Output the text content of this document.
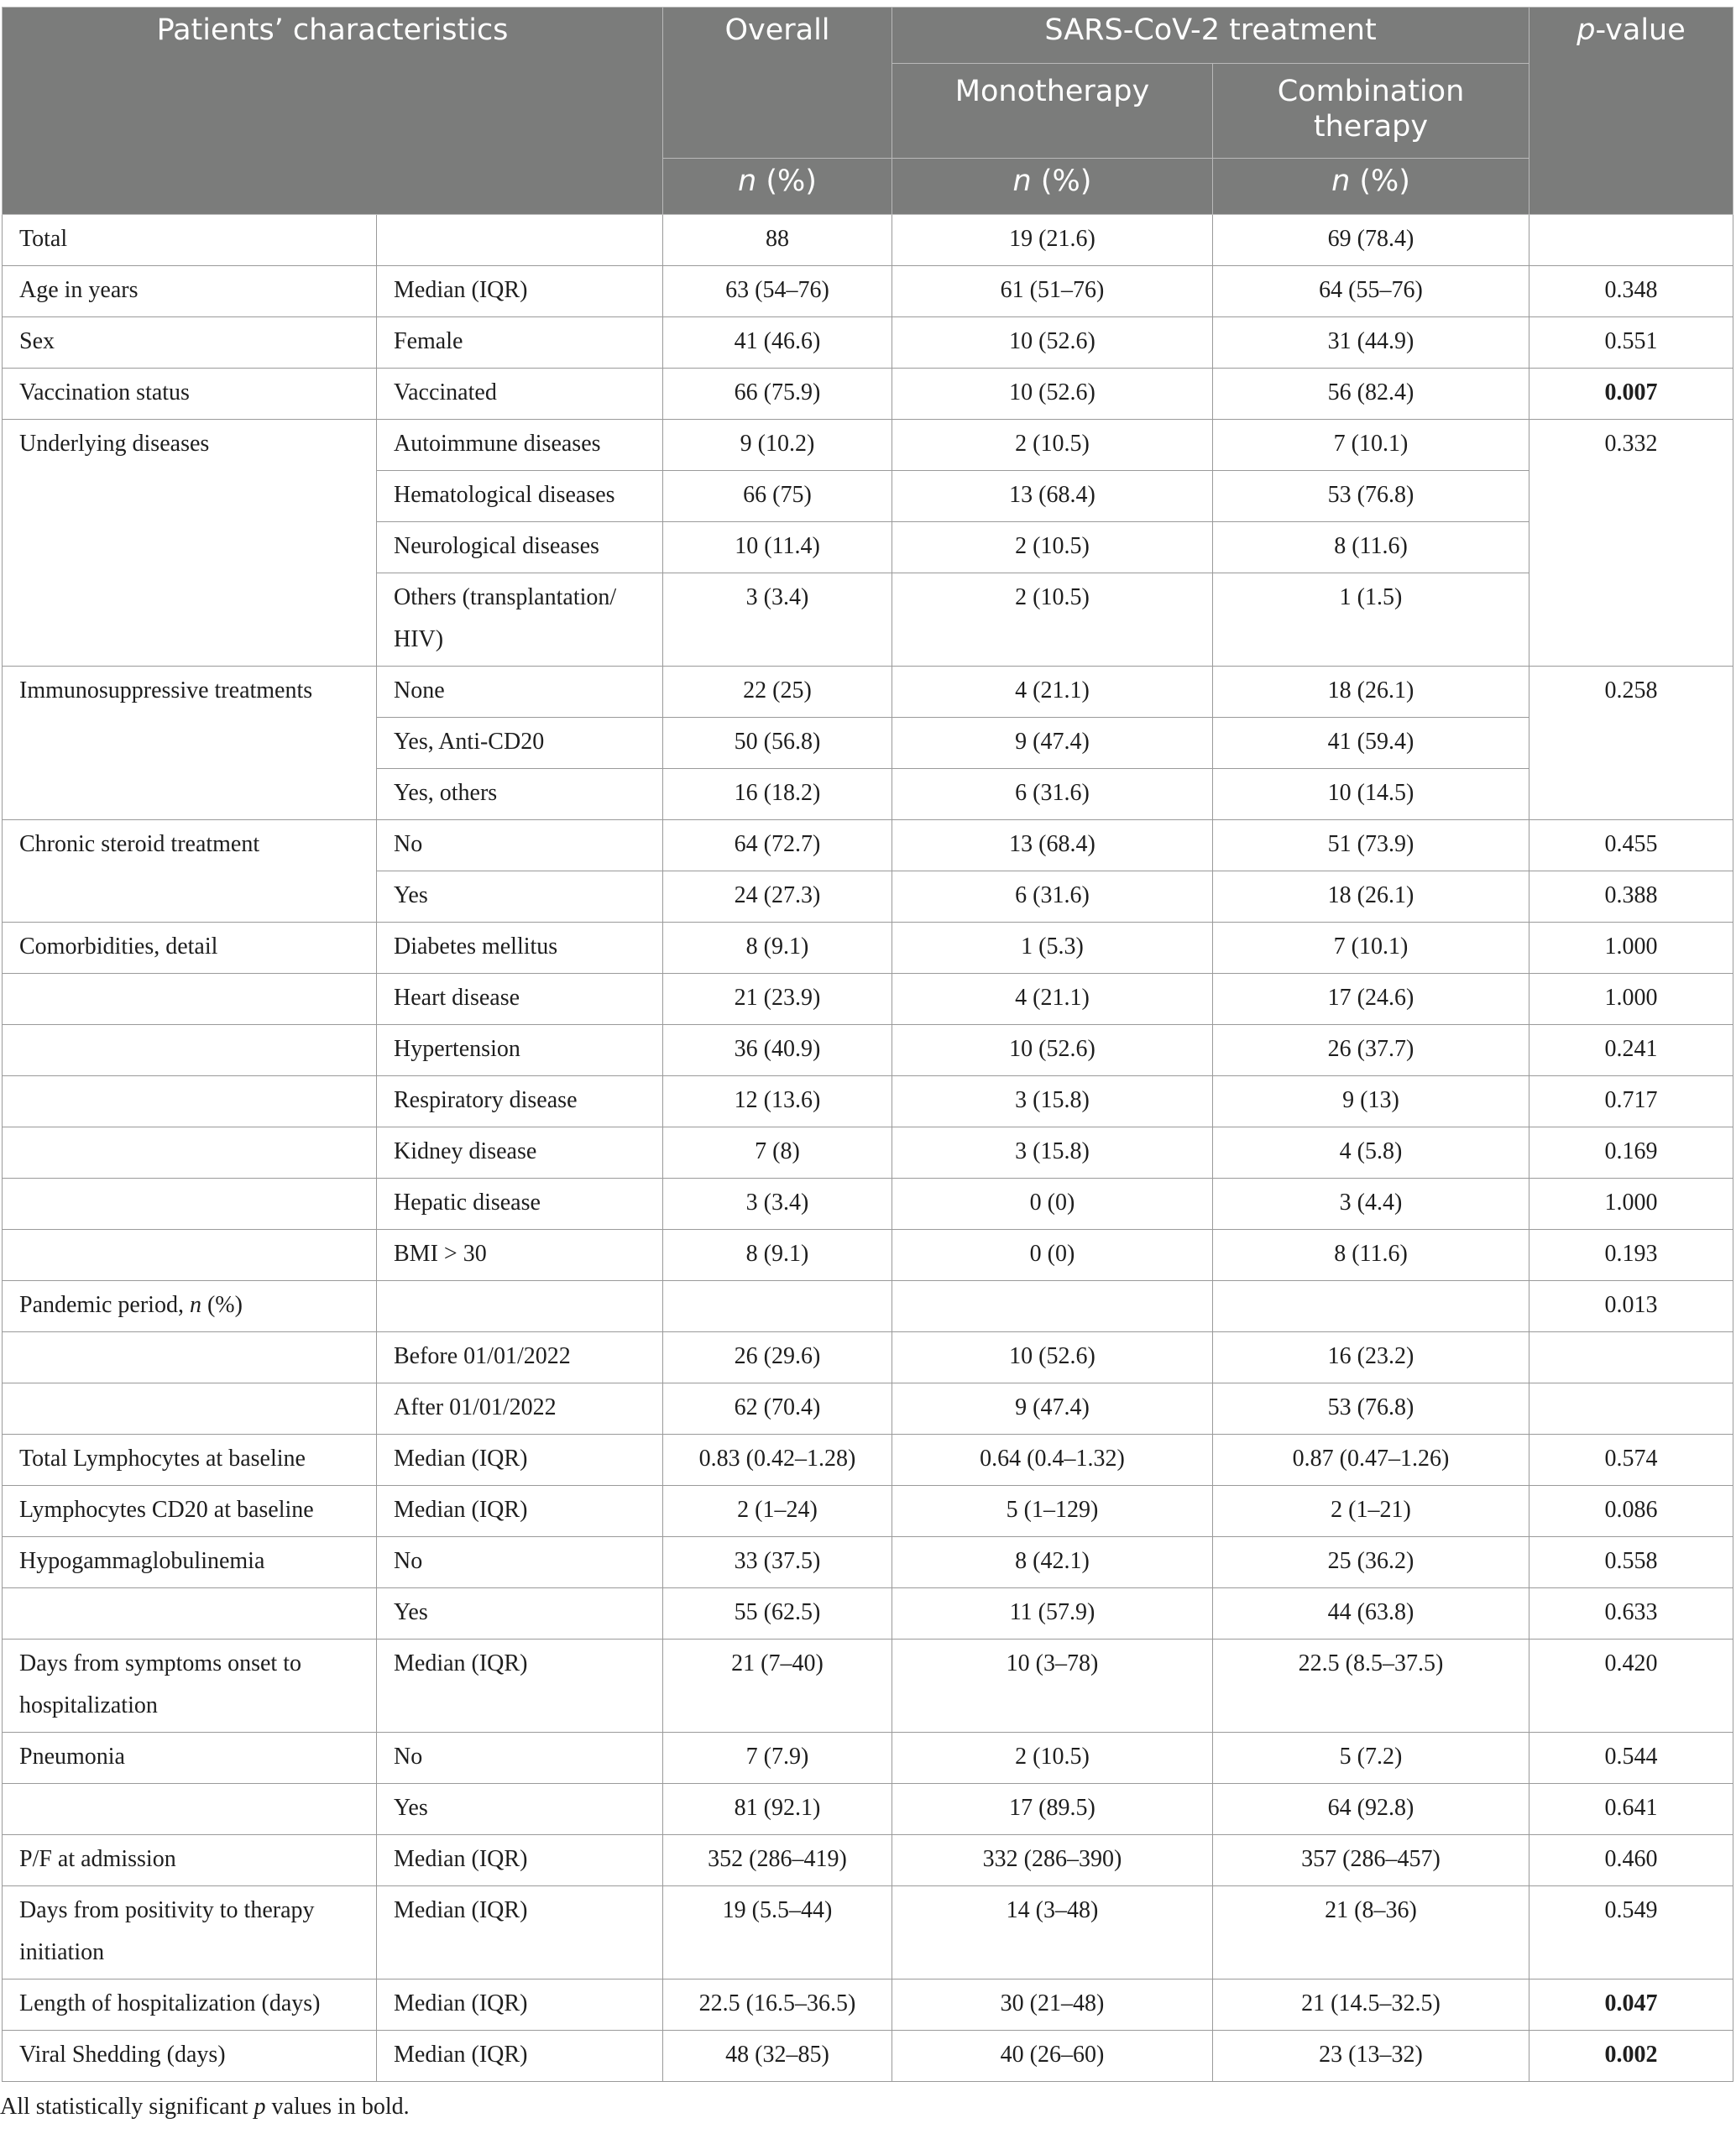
Patients’ characteristics		Overall	SARS-CoV-2 treatment		p-value
			Monotherapy	Combination therapy	
		n (%)	n (%)	n (%)	
Total		88	19 (21.6)	69 (78.4)	
Age in years	Median (IQR)	63 (54–76)	61 (51–76)	64 (55–76)	0.348
Sex	Female	41 (46.6)	10 (52.6)	31 (44.9)	0.551
Vaccination status	Vaccinated	66 (75.9)	10 (52.6)	56 (82.4)	0.007
Underlying diseases	Autoimmune diseases	9 (10.2)	2 (10.5)	7 (10.1)	0.332
	Hematological diseases	66 (75)	13 (68.4)	53 (76.8)	
	Neurological diseases	10 (11.4)	2 (10.5)	8 (11.6)	
	Others (transplantation/ HIV)	3 (3.4)	2 (10.5)	1 (1.5)	
Immunosuppressive treatments	None	22 (25)	4 (21.1)	18 (26.1)	0.258
	Yes, Anti-CD20	50 (56.8)	9 (47.4)	41 (59.4)	
	Yes, others	16 (18.2)	6 (31.6)	10 (14.5)	
Chronic steroid treatment	No	64 (72.7)	13 (68.4)	51 (73.9)	0.455
	Yes	24 (27.3)	6 (31.6)	18 (26.1)	0.388
Comorbidities, detail	Diabetes mellitus	8 (9.1)	1 (5.3)	7 (10.1)	1.000
	Heart disease	21 (23.9)	4 (21.1)	17 (24.6)	1.000
	Hypertension	36 (40.9)	10 (52.6)	26 (37.7)	0.241
	Respiratory disease	12 (13.6)	3 (15.8)	9 (13)	0.717
	Kidney disease	7 (8)	3 (15.8)	4 (5.8)	0.169
	Hepatic disease	3 (3.4)	0 (0)	3 (4.4)	1.000
	BMI > 30	8 (9.1)	0 (0)	8 (11.6)	0.193
Pandemic period, n (%)					0.013
	Before 01/01/2022	26 (29.6)	10 (52.6)	16 (23.2)	
	After 01/01/2022	62 (70.4)	9 (47.4)	53 (76.8)	
Total Lymphocytes at baseline	Median (IQR)	0.83 (0.42–1.28)	0.64 (0.4–1.32)	0.87 (0.47–1.26)	0.574
Lymphocytes CD20 at baseline	Median (IQR)	2 (1–24)	5 (1–129)	2 (1–21)	0.086
Hypogammaglobulinemia	No	33 (37.5)	8 (42.1)	25 (36.2)	0.558
	Yes	55 (62.5)	11 (57.9)	44 (63.8)	0.633
Days from symptoms onset to hospitalization	Median (IQR)	21 (7–40)	10 (3–78)	22.5 (8.5–37.5)	0.420
Pneumonia	No	7 (7.9)	2 (10.5)	5 (7.2)	0.544
	Yes	81 (92.1)	17 (89.5)	64 (92.8)	0.641
P/F at admission	Median (IQR)	352 (286–419)	332 (286–390)	357 (286–457)	0.460
Days from positivity to therapy initiation	Median (IQR)	19 (5.5–44)	14 (3–48)	21 (8–36)	0.549
Length of hospitalization (days)	Median (IQR)	22.5 (16.5–36.5)	30 (21–48)	21 (14.5–32.5)	0.047
Viral Shedding (days)	Median (IQR)	48 (32–85)	40 (26–60)	23 (13–32)	0.002
All statistically significant p values in bold.
